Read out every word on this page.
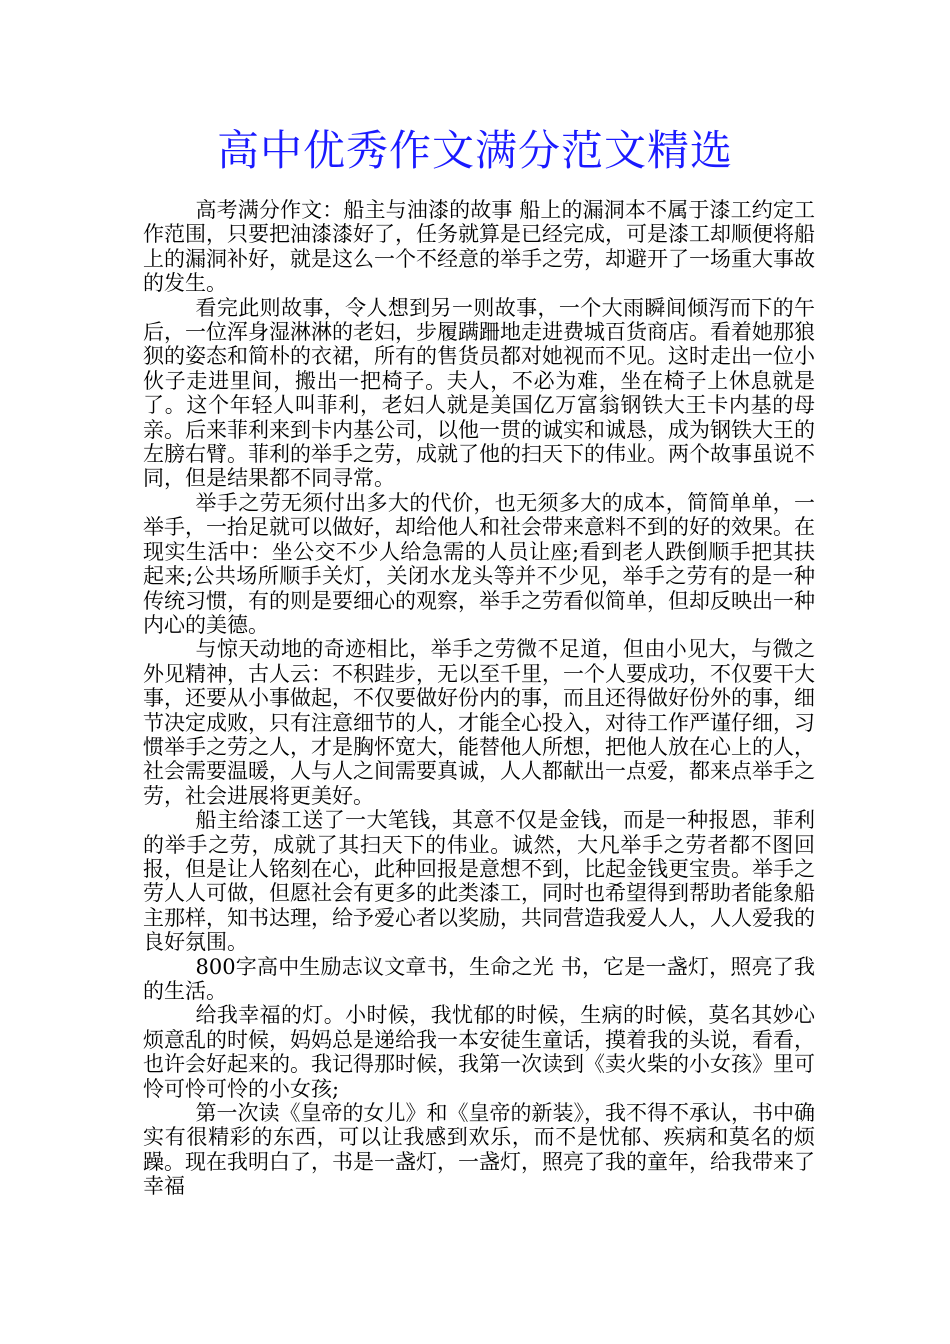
高中优秀作文满分范文精选

高考满分作文：船主与油漆的故事 船上的漏洞本不属于漆工约定工作范围，只要把油漆漆好了，任务就算是已经完成，可是漆工却顺便将船上的漏洞补好，就是这么一个不经意的举手之劳，却避开了一场重大事故的发生。

看完此则故事，令人想到另一则故事，一个大雨瞬间倾泻而下的午后，一位浑身湿淋淋的老妇，步履蹒跚地走进费城百货商店。看着她那狼狈的姿态和简朴的衣裙，所有的售货员都对她视而不见。这时走出一位小伙子走进里间，搬出一把椅子。夫人，不必为难，坐在椅子上休息就是了。这个年轻人叫菲利，老妇人就是美国亿万富翁钢铁大王卡内基的母亲。后来菲利来到卡内基公司，以他一贯的诚实和诚恳，成为钢铁大王的左膀右臂。菲利的举手之劳，成就了他的扫天下的伟业。两个故事虽说不同，但是结果都不同寻常。

举手之劳无须付出多大的代价，也无须多大的成本，简简单单，一举手，一抬足就可以做好，却给他人和社会带来意料不到的好的效果。在现实生活中：坐公交不少人给急需的人员让座;看到老人跌倒顺手把其扶起来;公共场所顺手关灯，关闭水龙头等并不少见，举手之劳有的是一种传统习惯，有的则是要细心的观察，举手之劳看似简单，但却反映出一种内心的美德。

与惊天动地的奇迹相比，举手之劳微不足道，但由小见大，与微之外见精神，古人云：不积跬步，无以至千里，一个人要成功，不仅要干大事，还要从小事做起，不仅要做好份内的事，而且还得做好份外的事，细节决定成败，只有注意细节的人，才能全心投入，对待工作严谨仔细，习惯举手之劳之人，才是胸怀宽大，能替他人所想，把他人放在心上的人，社会需要温暖，人与人之间需要真诚，人人都献出一点爱，都来点举手之劳，社会进展将更美好。

船主给漆工送了一大笔钱，其意不仅是金钱，而是一种报恩，菲利的举手之劳，成就了其扫天下的伟业。诚然，大凡举手之劳者都不图回报，但是让人铭刻在心，此种回报是意想不到，比起金钱更宝贵。举手之劳人人可做，但愿社会有更多的此类漆工，同时也希望得到帮助者能象船主那样，知书达理，给予爱心者以奖励，共同营造我爱人人，人人爱我的良好氛围。

800字高中生励志议文章书，生命之光 书，它是一盏灯，照亮了我的生活。

给我幸福的灯。小时候，我忧郁的时候，生病的时候，莫名其妙心烦意乱的时候，妈妈总是递给我一本安徒生童话，摸着我的头说，看看，也许会好起来的。我记得那时候，我第一次读到《卖火柴的小女孩》里可怜可怜可怜的小女孩;

第一次读《皇帝的女儿》和《皇帝的新装》，我不得不承认，书中确实有很精彩的东西，可以让我感到欢乐，而不是忧郁、疾病和莫名的烦躁。现在我明白了，书是一盏灯，一盏灯，照亮了我的童年，给我带来了幸福
